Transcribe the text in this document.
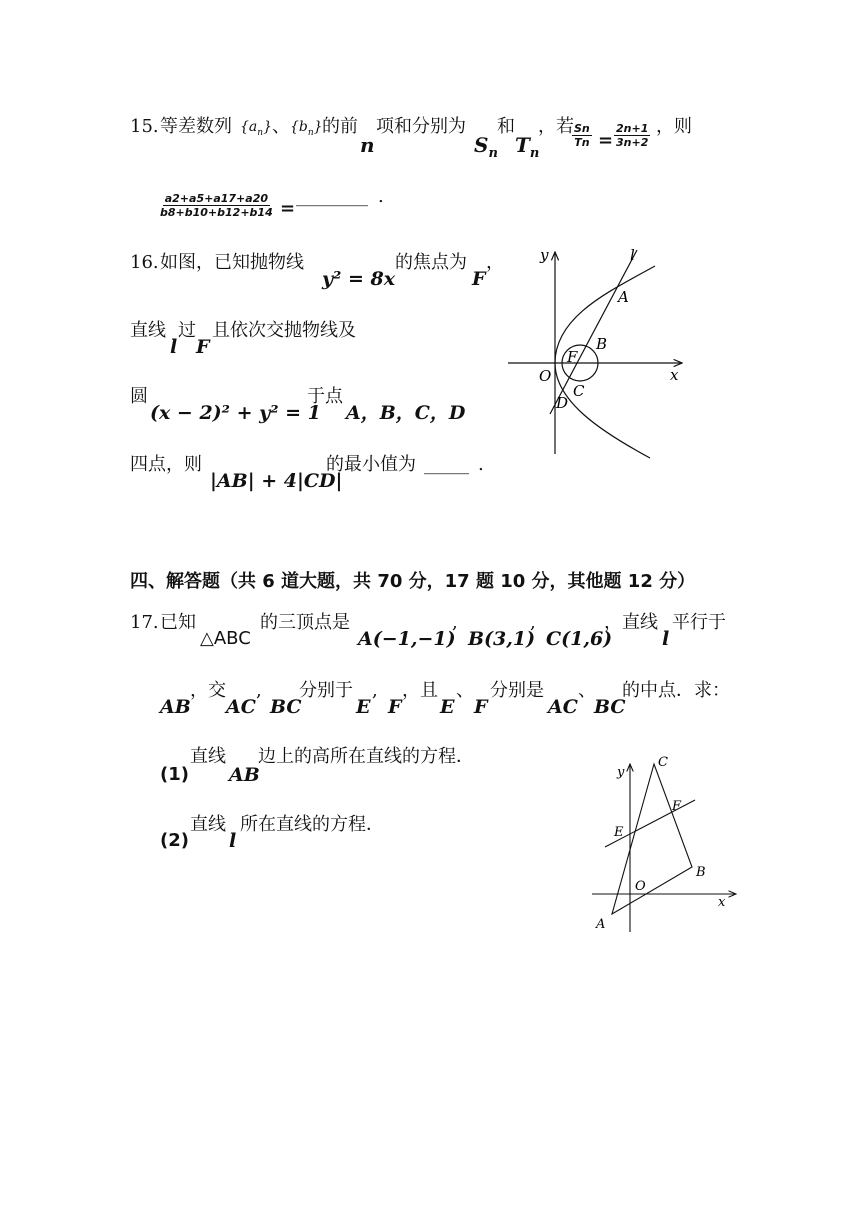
15. 等差数列 $\{a_n\}$ 、 $\{b_n\}$ 的前
n
项和分别为
$S_n$
和
$T_n$
，若 Sn
Tn =
2n+1
3n+2
，则
a2+a5+a17+a20
b8+b10+b12+b14 =
________ .
16. 如图，已知抛物线
y² = 8x
的焦点为
F
，
直线 过
l F
且依次交抛物线及
圆
(x − 2)² + y² = 1
于点
A，B，C，D
四点，则
|AB| + 4|CD|
的最小值为 _____ .
y
x
O
l
A
B
F
C
D
四、解答题（共 6 道大题，共 70 分，17 题 10 分，其他题 12 分）
17. 已知
△ABC
的三顶点是
A(−1,−1)
,
B(3,1)
,
C(1,6)
，直线
l
平行于
AB
，交
AC
,
BC
分别于
E
,
F
，且
E
、
F
分别是
AC
、
BC
的中点．求：
(1)
直线
AB
边上的高所在直线的方程．
(2)
直线
l
所在直线的方程．
y
x
O
A
B
C
E
F
